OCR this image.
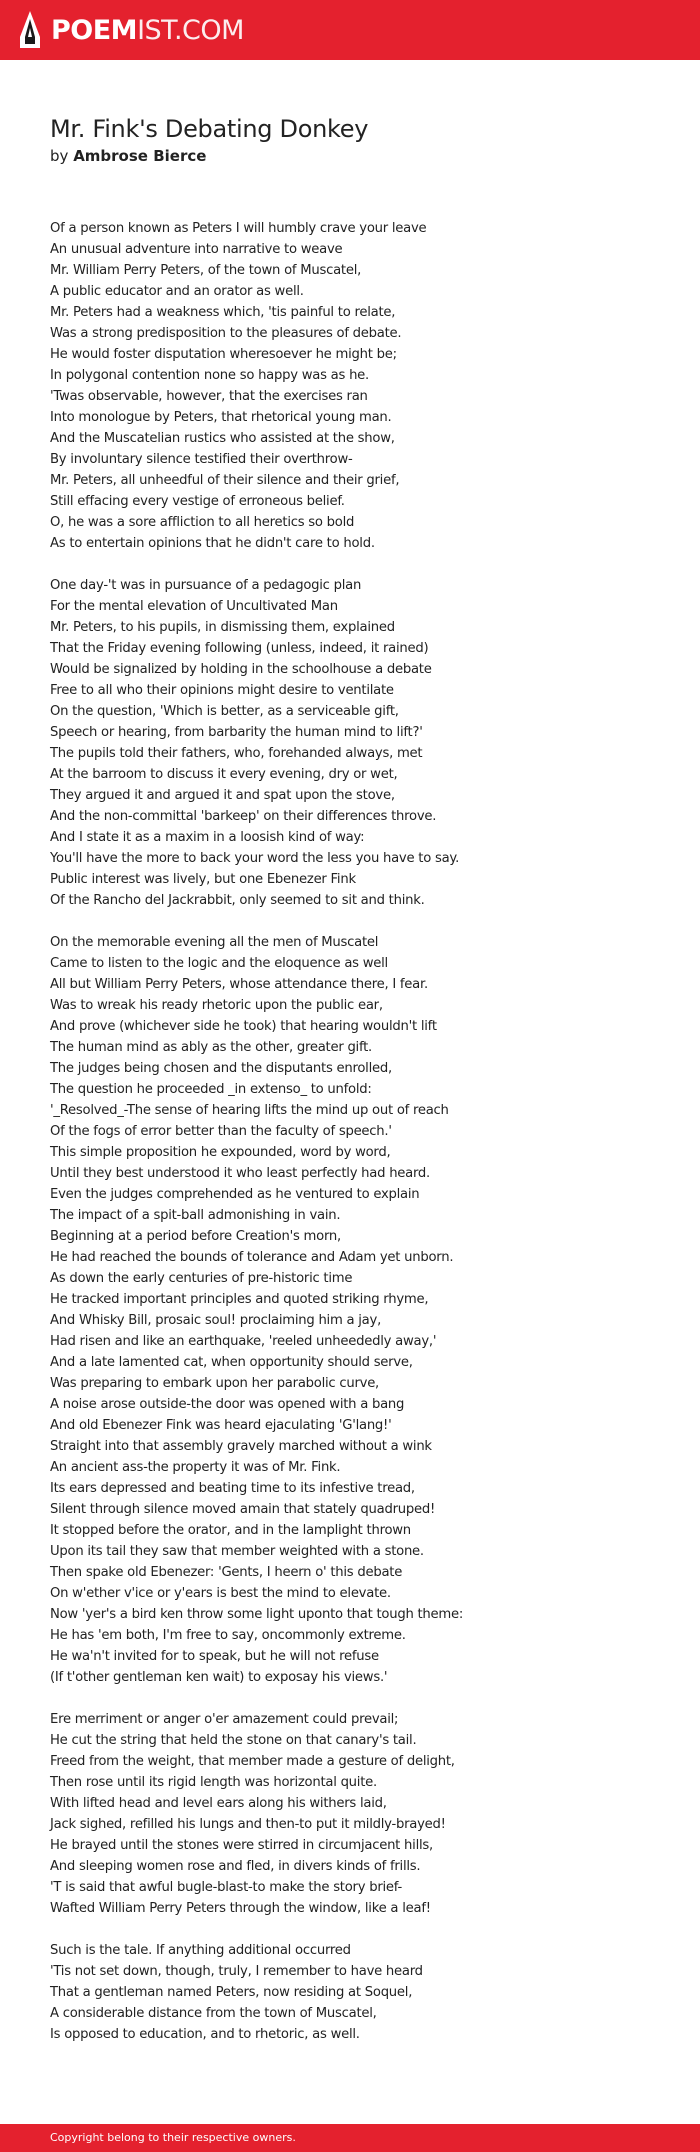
POEMIST.COM
Mr. Fink's Debating Donkey
by Ambrose Bierce
Of a person known as Peters I will humbly crave your leave
An unusual adventure into narrative to weave
Mr. William Perry Peters, of the town of Muscatel,
A public educator and an orator as well.
Mr. Peters had a weakness which, 'tis painful to relate,
Was a strong predisposition to the pleasures of debate.
He would foster disputation wheresoever he might be;
In polygonal contention none so happy was as he.
'Twas observable, however, that the exercises ran
Into monologue by Peters, that rhetorical young man.
And the Muscatelian rustics who assisted at the show,
By involuntary silence testified their overthrow-
Mr. Peters, all unheedful of their silence and their grief,
Still effacing every vestige of erroneous belief.
O, he was a sore affliction to all heretics so bold
As to entertain opinions that he didn't care to hold.
One day-'t was in pursuance of a pedagogic plan
For the mental elevation of Uncultivated Man
Mr. Peters, to his pupils, in dismissing them, explained
That the Friday evening following (unless, indeed, it rained)
Would be signalized by holding in the schoolhouse a debate
Free to all who their opinions might desire to ventilate
On the question, 'Which is better, as a serviceable gift,
Speech or hearing, from barbarity the human mind to lift?'
The pupils told their fathers, who, forehanded always, met
At the barroom to discuss it every evening, dry or wet,
They argued it and argued it and spat upon the stove,
And the non-committal 'barkeep' on their differences throve.
And I state it as a maxim in a loosish kind of way:
You'll have the more to back your word the less you have to say.
Public interest was lively, but one Ebenezer Fink
Of the Rancho del Jackrabbit, only seemed to sit and think.
On the memorable evening all the men of Muscatel
Came to listen to the logic and the eloquence as well
All but William Perry Peters, whose attendance there, I fear.
Was to wreak his ready rhetoric upon the public ear,
And prove (whichever side he took) that hearing wouldn't lift
The human mind as ably as the other, greater gift.
The judges being chosen and the disputants enrolled,
The question he proceeded _in extenso_ to unfold:
'_Resolved_-The sense of hearing lifts the mind up out of reach
Of the fogs of error better than the faculty of speech.'
This simple proposition he expounded, word by word,
Until they best understood it who least perfectly had heard.
Even the judges comprehended as he ventured to explain
The impact of a spit-ball admonishing in vain.
Beginning at a period before Creation's morn,
He had reached the bounds of tolerance and Adam yet unborn.
As down the early centuries of pre-historic time
He tracked important principles and quoted striking rhyme,
And Whisky Bill, prosaic soul! proclaiming him a jay,
Had risen and like an earthquake, 'reeled unheededly away,'
And a late lamented cat, when opportunity should serve,
Was preparing to embark upon her parabolic curve,
A noise arose outside-the door was opened with a bang
And old Ebenezer Fink was heard ejaculating 'G'lang!'
Straight into that assembly gravely marched without a wink
An ancient ass-the property it was of Mr. Fink.
Its ears depressed and beating time to its infestive tread,
Silent through silence moved amain that stately quadruped!
It stopped before the orator, and in the lamplight thrown
Upon its tail they saw that member weighted with a stone.
Then spake old Ebenezer: 'Gents, I heern o' this debate
On w'ether v'ice or y'ears is best the mind to elevate.
Now 'yer's a bird ken throw some light uponto that tough theme:
He has 'em both, I'm free to say, oncommonly extreme.
He wa'n't invited for to speak, but he will not refuse
(If t'other gentleman ken wait) to exposay his views.'
Ere merriment or anger o'er amazement could prevail;
He cut the string that held the stone on that canary's tail.
Freed from the weight, that member made a gesture of delight,
Then rose until its rigid length was horizontal quite.
With lifted head and level ears along his withers laid,
Jack sighed, refilled his lungs and then-to put it mildly-brayed!
He brayed until the stones were stirred in circumjacent hills,
And sleeping women rose and fled, in divers kinds of frills.
'T is said that awful bugle-blast-to make the story brief-
Wafted William Perry Peters through the window, like a leaf!
Such is the tale. If anything additional occurred
'Tis not set down, though, truly, I remember to have heard
That a gentleman named Peters, now residing at Soquel,
A considerable distance from the town of Muscatel,
Is opposed to education, and to rhetoric, as well.
Copyright belong to their respective owners.
